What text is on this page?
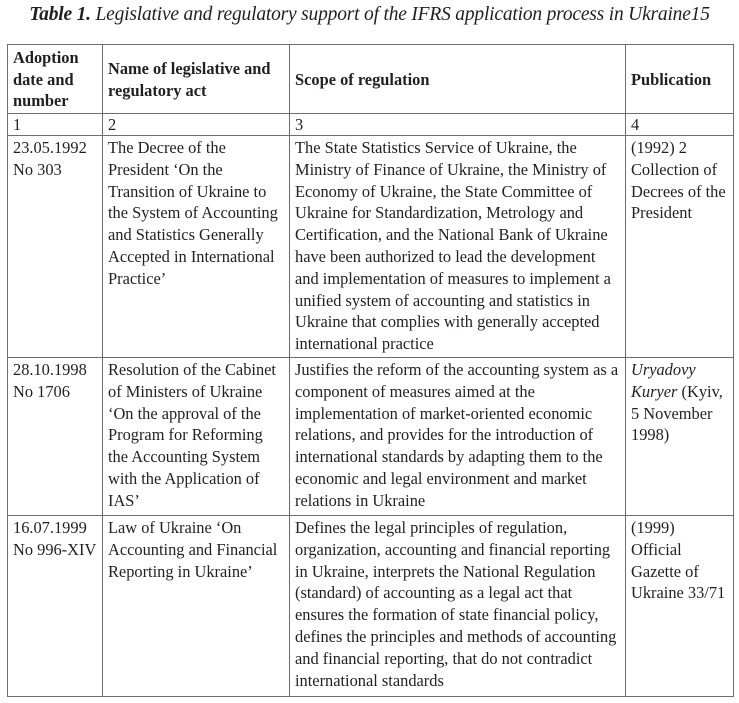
Table 1. Legislative and regulatory support of the IFRS application process in Ukraine15
Adoption date and number	Name of legislative and regulatory act	Scope of regulation	Publication
1	2	3	4
23.05.1992 No 303	The Decree of the President ‘On the Transition of Ukraine to the System of Accounting and Statistics Generally Accepted in International Practice’	The State Statistics Service of Ukraine, the Ministry of Finance of Ukraine, the Ministry of Economy of Ukraine, the State Committee of Ukraine for Standardization, Metrology and Certification, and the National Bank of Ukraine have been authorized to lead the development and implementation of measures to implement a unified system of accounting and statistics in Ukraine that complies with generally accepted international practice	(1992) 2 Collection of Decrees of the President
28.10.1998 No 1706	Resolution of the Cabinet of Ministers of Ukraine ‘On the approval of the Program for Reforming the Accounting System with the Application of IAS’	Justifies the reform of the accounting system as a component of measures aimed at the implementation of market-oriented economic relations, and provides for the introduction of international standards by adapting them to the economic and legal environment and market relations in Ukraine	Uryadovy Kuryer (Kyiv, 5 November 1998)
16.07.1999 No 996-XIV	Law of Ukraine ‘On Accounting and Financial Reporting in Ukraine’	Defines the legal principles of regulation, organization, accounting and financial reporting in Ukraine, interprets the National Regulation (standard) of accounting as a legal act that ensures the formation of state financial policy, defines the principles and methods of accounting and financial reporting, that do not contradict international standards	(1999) Official Gazette of Ukraine 33/71
